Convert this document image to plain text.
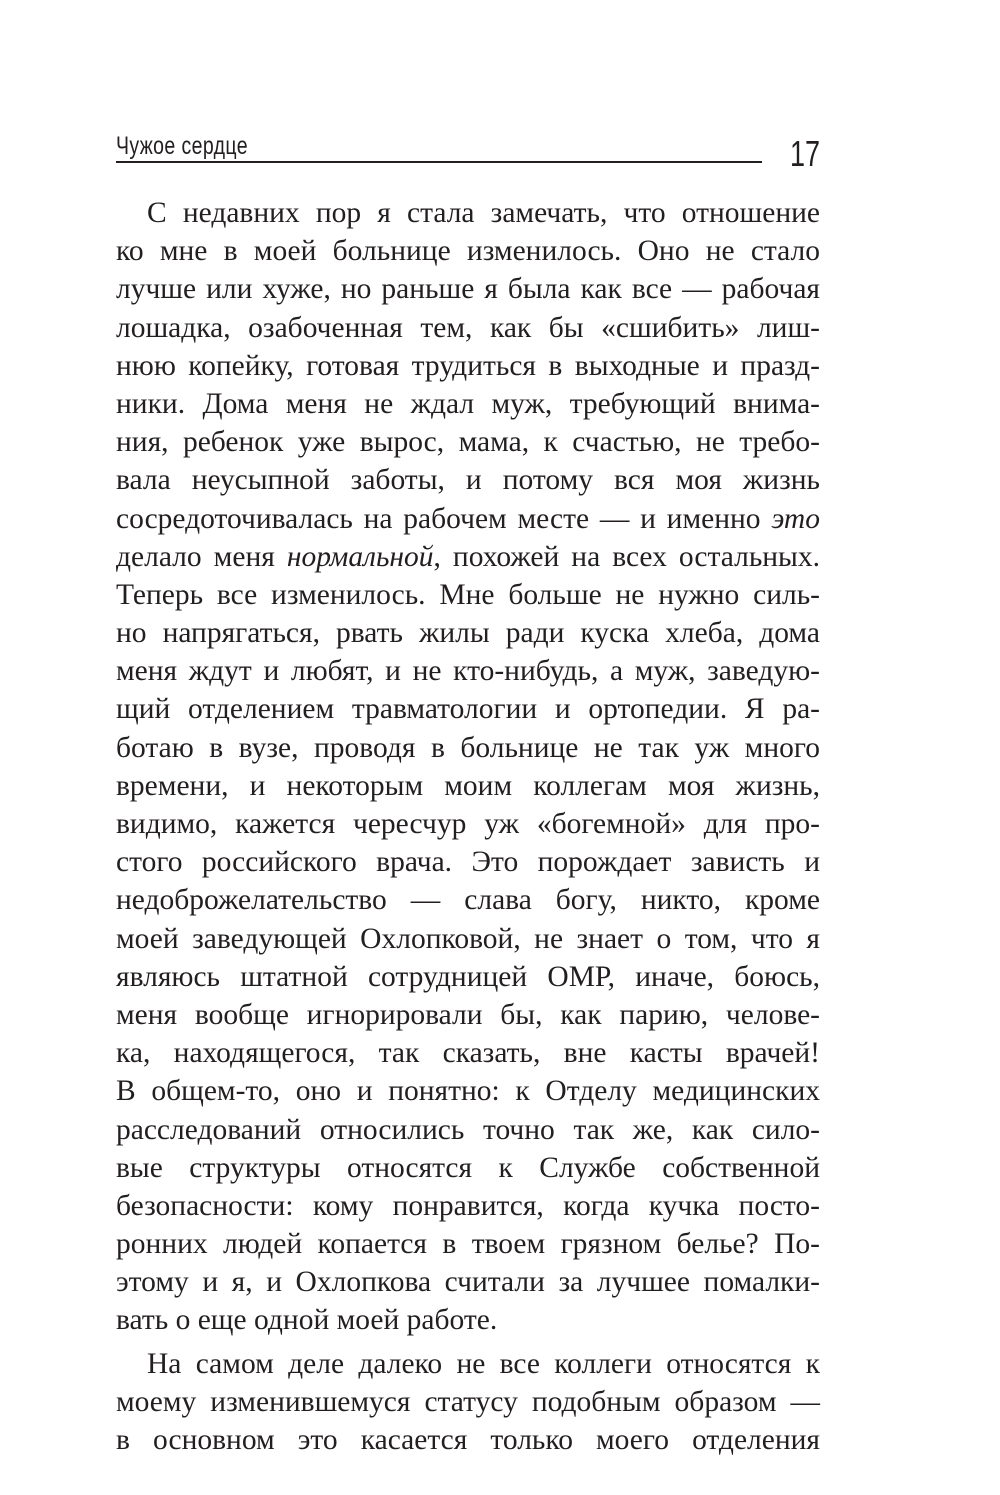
Чужое сердце	17
С недавних пор я стала замечать, что отношение
ко мне в моей больнице изменилось. Оно не стало
лучше или хуже, но раньше я была как все — рабочая
лошадка, озабоченная тем, как бы «сшибить» лиш-
нюю копейку, готовая трудиться в выходные и празд-
ники. Дома меня не ждал муж, требующий внима-
ния, ребенок уже вырос, мама, к счастью, не требо-
вала неусыпной заботы, и потому вся моя жизнь
сосредоточивалась на рабочем месте — и именно это
делало меня нормальной, похожей на всех остальных.
Теперь все изменилось. Мне больше не нужно силь-
но напрягаться, рвать жилы ради куска хлеба, дома
меня ждут и любят, и не кто-нибудь, а муж, заведую-
щий отделением травматологии и ортопедии. Я ра-
ботаю в вузе, проводя в больнице не так уж много
времени, и некоторым моим коллегам моя жизнь,
видимо, кажется чересчур уж «богемной» для про-
стого российского врача. Это порождает зависть и
недоброжелательство — слава богу, никто, кроме
моей заведующей Охлопковой, не знает о том, что я
являюсь штатной сотрудницей ОМР, иначе, боюсь,
меня вообще игнорировали бы, как парию, челове-
ка, находящегося, так сказать, вне касты врачей!
В общем-то, оно и понятно: к Отделу медицинских
расследований относились точно так же, как сило-
вые структуры относятся к Службе собственной
безопасности: кому понравится, когда кучка посто-
ронних людей копается в твоем грязном белье? По-
этому и я, и Охлопкова считали за лучшее помалки-
вать о еще одной моей работе.
На самом деле далеко не все коллеги относятся к
моему изменившемуся статусу подобным образом —
в основном это касается только моего отделения
